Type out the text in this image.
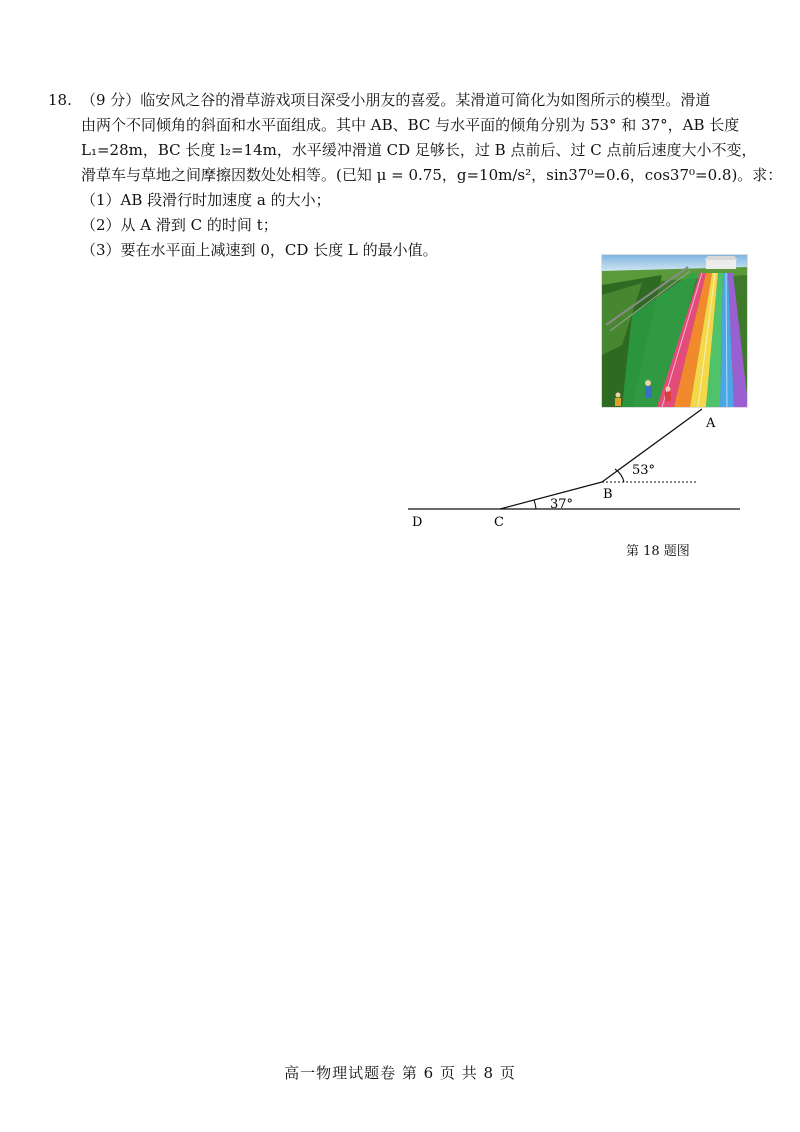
18. （9 分）临安风之谷的滑草游戏项目深受小朋友的喜爱。某滑道可简化为如图所示的模型。滑道
由两个不同倾角的斜面和水平面组成。其中 AB、BC 与水平面的倾角分别为 53° 和 37°，AB 长度
L₁=28m，BC 长度 l₂=14m，水平缓冲滑道 CD 足够长，过 B 点前后、过 C 点前后速度大小不变，
滑草车与草地之间摩擦因数处处相等。(已知 μ = 0.75，g=10m/s²，sin37⁰=0.6，cos37⁰=0.8)。求：
（1）AB 段滑行时加速度 a 的大小；
（2）从 A 滑到 C 的时间 t；
（3）要在水平面上减速到 0，CD 长度 L 的最小值。
A
B
C
D
53°
37°
第 18 题图
高一物理试题卷 第 6 页 共 8 页
